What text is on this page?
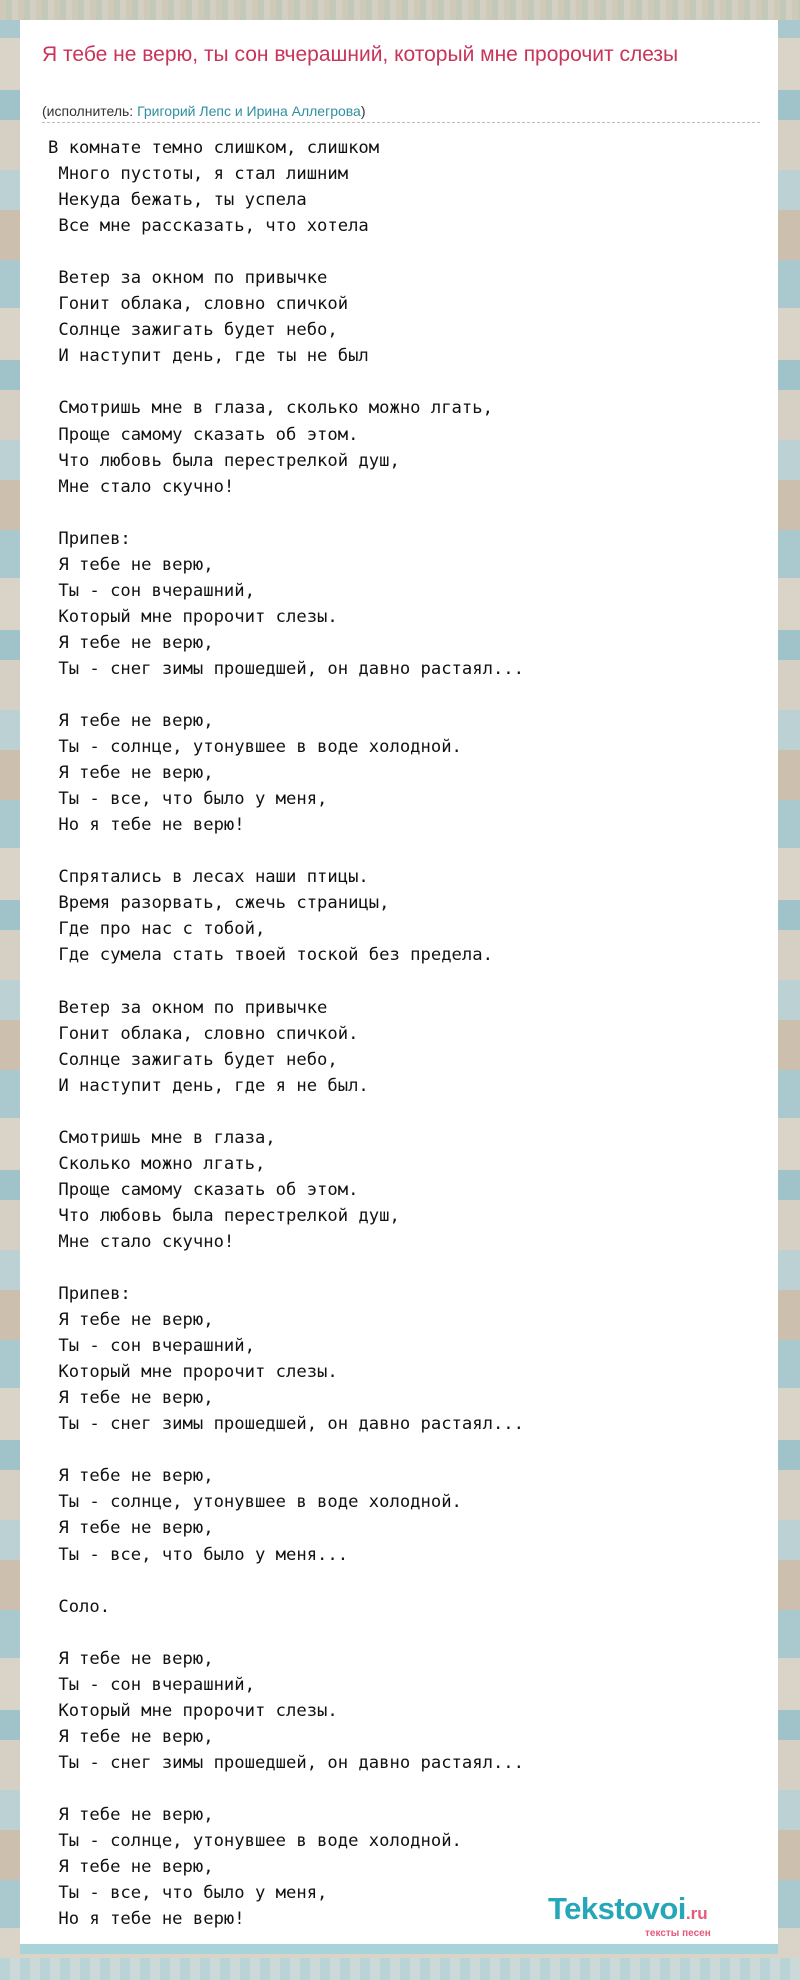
Я тебе не верю, ты сон вчерашний, который мне пророчит слезы
(исполнитель: Григорий Лепс и Ирина Аллегрова)
В комнате темно слишком, слишком
Много пустоты, я стал лишним
Некуда бежать, ты успела
Все мне рассказать, что хотела

Ветер за окном по привычке
Гонит облака, словно спичкой
Солнце зажигать будет небо,
И наступит день, где ты не был

Смотришь мне в глаза, сколько можно лгать,
Проще самому сказать об этом.
Что любовь была перестрелкой душ,
Мне стало скучно!

Припев:
Я тебе не верю,
Ты - сон вчерашний,
Который мне пророчит слезы.
Я тебе не верю,
Ты - снег зимы прошедшей, он давно растаял...

Я тебе не верю,
Ты - солнце, утонувшее в воде холодной.
Я тебе не верю,
Ты - все, что было у меня,
Но я тебе не верю!

Спрятались в лесах наши птицы.
Время разорвать, сжечь страницы,
Где про нас с тобой,
Где сумела стать твоей тоской без предела.

Ветер за окном по привычке
Гонит облака, словно спичкой.
Солнце зажигать будет небо,
И наступит день, где я не был.

Смотришь мне в глаза,
Сколько можно лгать,
Проще самому сказать об этом.
Что любовь была перестрелкой душ,
Мне стало скучно!

Припев:
Я тебе не верю,
Ты - сон вчерашний,
Который мне пророчит слезы.
Я тебе не верю,
Ты - снег зимы прошедшей, он давно растаял...

Я тебе не верю,
Ты - солнце, утонувшее в воде холодной.
Я тебе не верю,
Ты - все, что было у меня...

Соло.

Я тебе не верю,
Ты - сон вчерашний,
Который мне пророчит слезы.
Я тебе не верю,
Ты - снег зимы прошедшей, он давно растаял...

Я тебе не верю,
Ты - солнце, утонувшее в воде холодной.
Я тебе не верю,
Ты - все, что было у меня,
Но я тебе не верю!	Tekstovoi.ru
тексты песен
